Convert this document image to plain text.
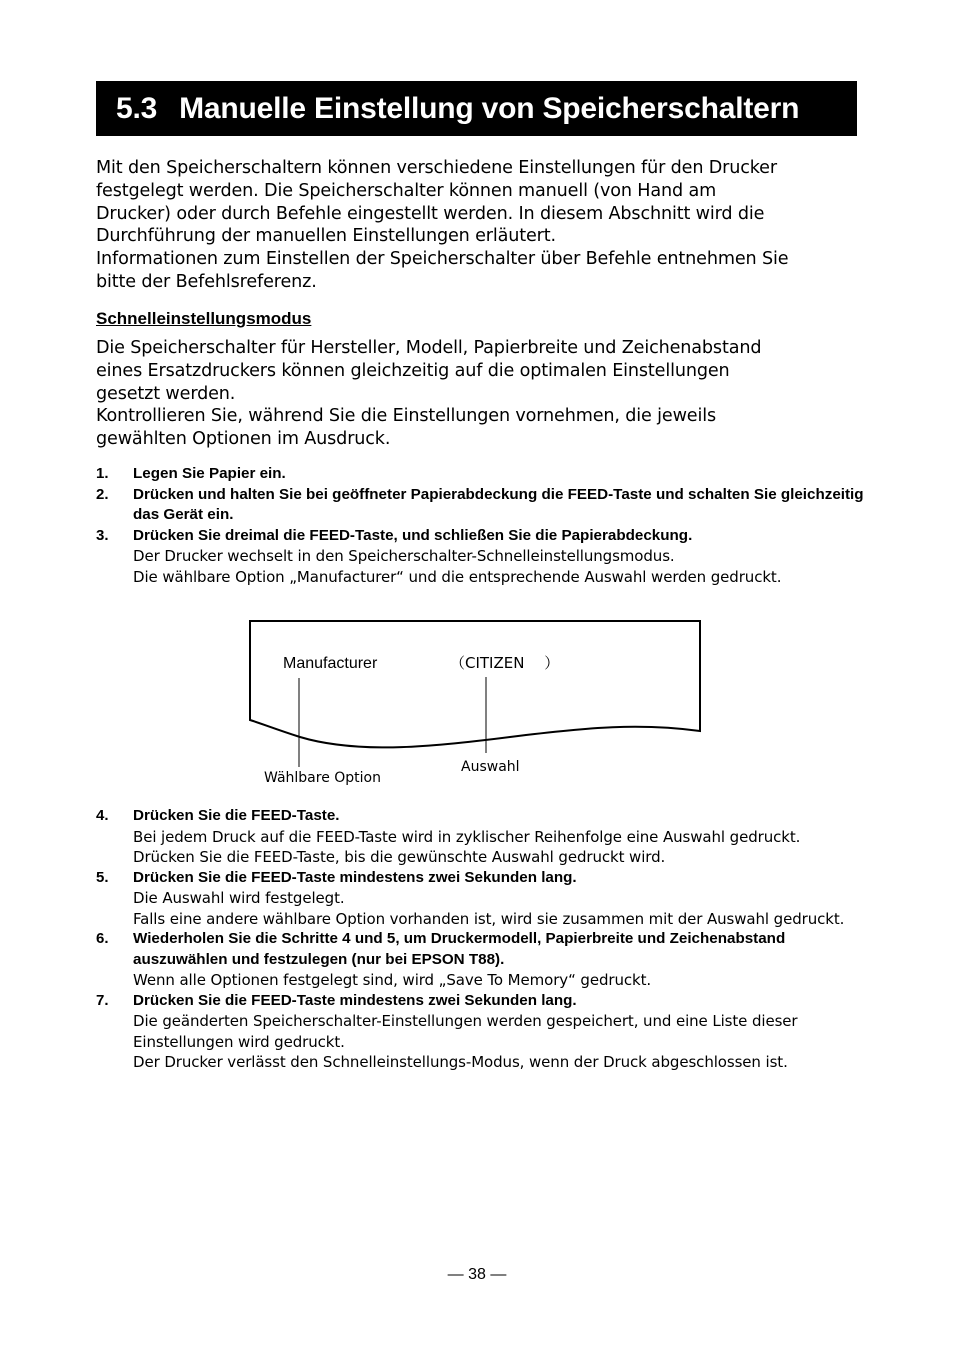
5.3 Manuelle Einstellung von Speicherschaltern

Mit den Speicherschaltern können verschiedene Einstellungen für den Drucker

festgelegt werden. Die Speicherschalter können manuell (von Hand am

Drucker) oder durch Befehle eingestellt werden. In diesem Abschnitt wird die

Durchführung der manuellen Einstellungen erläutert.

Informationen zum Einstellen der Speicherschalter über Befehle entnehmen Sie

bitte der Befehlsreferenz.

Schnelleinstellungsmodus

Die Speicherschalter für Hersteller, Modell, Papierbreite und Zeichenabstand

eines Ersatzdruckers können gleichzeitig auf die optimalen Einstellungen

gesetzt werden.

Kontrollieren Sie, während Sie die Einstellungen vornehmen, die jeweils

gewählten Optionen im Ausdruck.

1. Legen Sie Papier ein.
2. Drücken und halten Sie bei geöffneter Papierabdeckung die FEED-Taste und schalten Sie gleichzeitig das Gerät ein.
3. Drücken Sie dreimal die FEED-Taste, und schließen Sie die Papierabdeckung.

Der Drucker wechselt in den Speicherschalter-Schnelleinstellungsmodus.

Die wählbare Option „Manufacturer“ und die entsprechende Auswahl werden gedruckt.

Manufacturer	（CITIZEN　 ）
Wählbare Option
Auswahl
4. Drücken Sie die FEED-Taste.

Bei jedem Druck auf die FEED-Taste wird in zyklischer Reihenfolge eine Auswahl gedruckt.

Drücken Sie die FEED-Taste, bis die gewünschte Auswahl gedruckt wird.

5. Drücken Sie die FEED-Taste mindestens zwei Sekunden lang.

Die Auswahl wird festgelegt.

Falls eine andere wählbare Option vorhanden ist, wird sie zusammen mit der Auswahl gedruckt.

6. Wiederholen Sie die Schritte 4 und 5, um Druckermodell, Papierbreite und Zeichenabstand auszuwählen und festzulegen (nur bei EPSON T88).

Wenn alle Optionen festgelegt sind, wird „Save To Memory“ gedruckt.

7. Drücken Sie die FEED-Taste mindestens zwei Sekunden lang.

Die geänderten Speicherschalter-Einstellungen werden gespeichert, und eine Liste dieser Einstellungen wird gedruckt.

Der Drucker verlässt den Schnelleinstellungs-Modus, wenn der Druck abgeschlossen ist.

— 38 —
